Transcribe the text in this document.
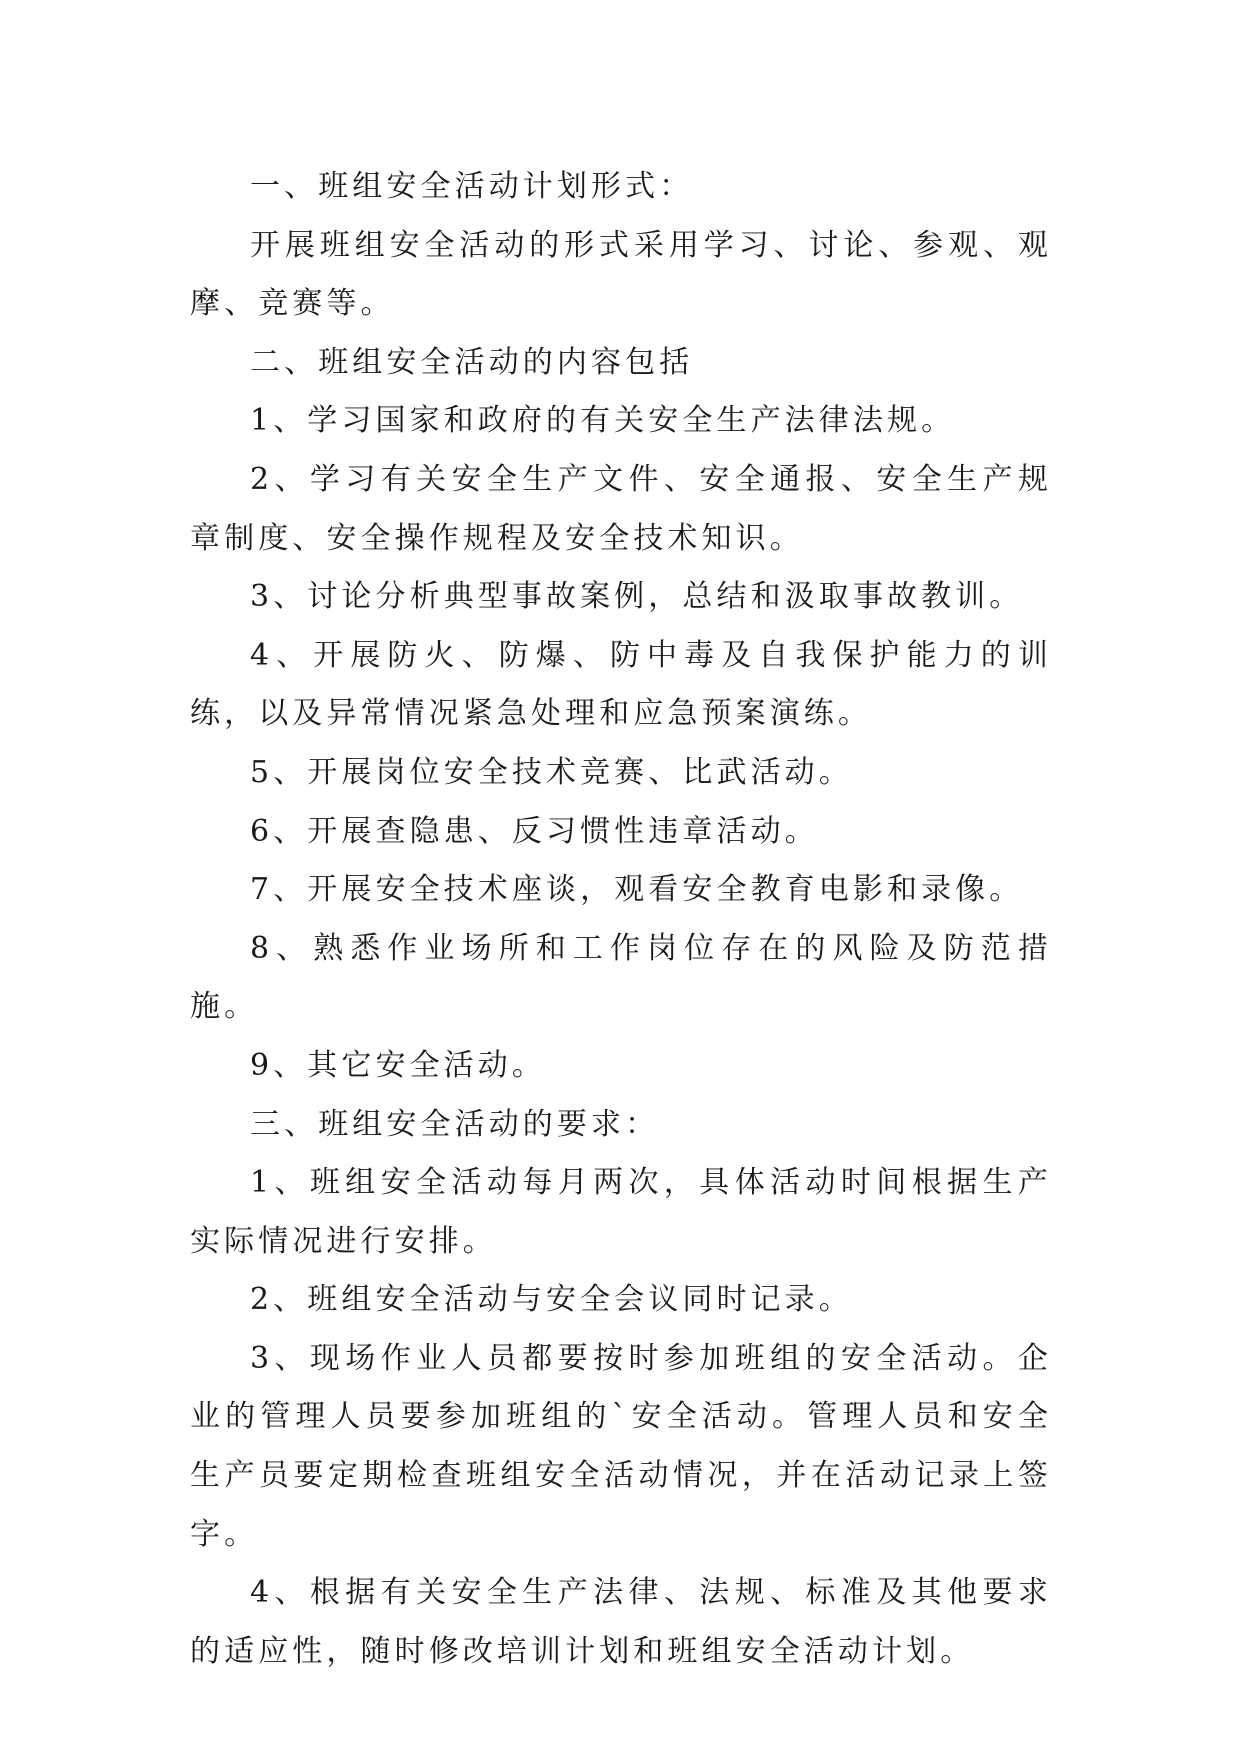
一、班组安全活动计划形式：

开展班组安全活动的形式采用学习、讨论、参观、观摩、竞赛等。

二、班组安全活动的内容包括

1、学习国家和政府的有关安全生产法律法规。

2、学习有关安全生产文件、安全通报、安全生产规章制度、安全操作规程及安全技术知识。

3、讨论分析典型事故案例，总结和汲取事故教训。

4、开展防火、防爆、防中毒及自我保护能力的训练，以及异常情况紧急处理和应急预案演练。

5、开展岗位安全技术竞赛、比武活动。

6、开展查隐患、反习惯性违章活动。

7、开展安全技术座谈，观看安全教育电影和录像。

8、熟悉作业场所和工作岗位存在的风险及防范措施。

9、其它安全活动。

三、班组安全活动的要求：

1、班组安全活动每月两次，具体活动时间根据生产实际情况进行安排。

2、班组安全活动与安全会议同时记录。

3、现场作业人员都要按时参加班组的安全活动。企业的管理人员要参加班组的`安全活动。管理人员和安全生产员要定期检查班组安全活动情况，并在活动记录上签字。

4、根据有关安全生产法律、法规、标准及其他要求的适应性，随时修改培训计划和班组安全活动计划。
